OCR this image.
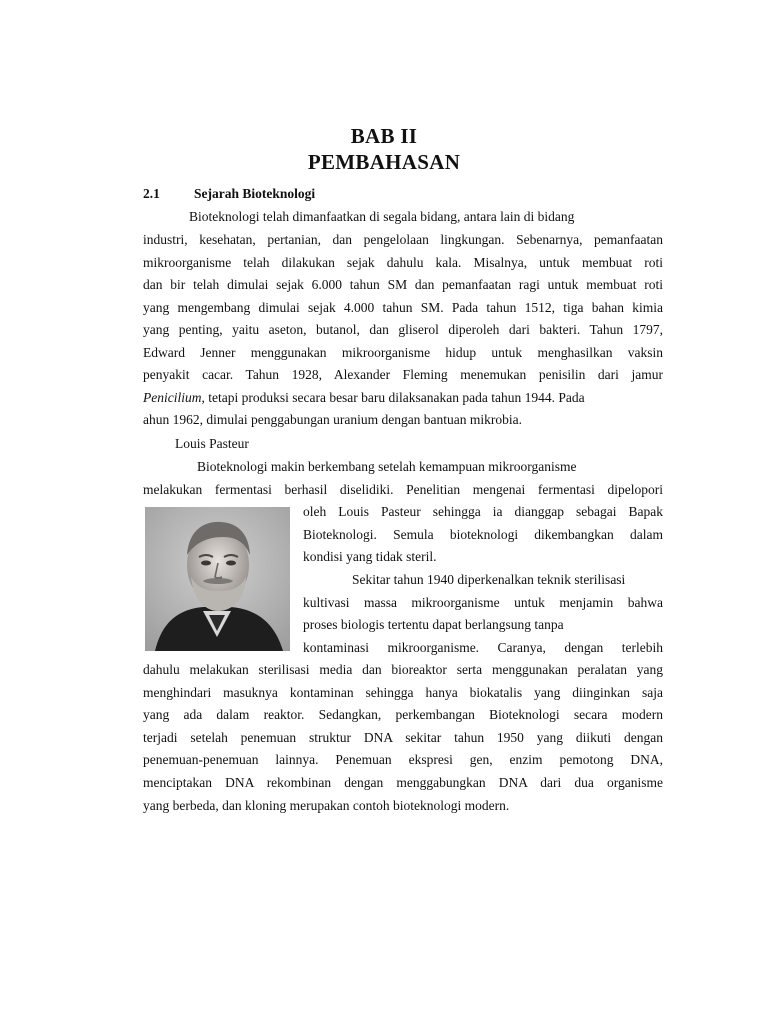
BAB II
PEMBAHASAN
2.1	Sejarah Bioteknologi
Bioteknologi telah dimanfaatkan di segala bidang, antara lain di bidang
industri, kesehatan, pertanian, dan pengelolaan lingkungan. Sebenarnya, pemanfaatan
mikroorganisme telah dilakukan sejak dahulu kala. Misalnya, untuk membuat roti
dan bir telah dimulai sejak 6.000 tahun SM dan pemanfaatan ragi untuk membuat roti
yang mengembang dimulai sejak 4.000 tahun SM. Pada tahun 1512, tiga bahan kimia
yang penting, yaitu aseton, butanol, dan gliserol diperoleh dari bakteri. Tahun 1797,
Edward Jenner menggunakan mikroorganisme hidup untuk menghasilkan vaksin
penyakit cacar. Tahun 1928, Alexander Fleming menemukan penisilin dari jamur
Penicilium, tetapi produksi secara besar baru dilaksanakan pada tahun 1944. Pada
ahun 1962, dimulai penggabungan uranium dengan bantuan mikrobia.
Louis Pasteur
Bioteknologi makin berkembang setelah kemampuan mikroorganisme
melakukan fermentasi berhasil diselidiki. Penelitian mengenai fermentasi dipelopori
oleh Louis Pasteur sehingga ia dianggap sebagai Bapak
Bioteknologi. Semula bioteknologi dikembangkan dalam
kondisi yang tidak steril.
Sekitar tahun 1940 diperkenalkan teknik sterilisasi
kultivasi massa mikroorganisme untuk menjamin bahwa
proses biologis tertentu dapat berlangsung tanpa
kontaminasi mikroorganisme. Caranya, dengan terlebih
dahulu melakukan sterilisasi media dan bioreaktor serta menggunakan peralatan yang
menghindari masuknya kontaminan sehingga hanya biokatalis yang diinginkan saja
yang ada dalam reaktor. Sedangkan, perkembangan Bioteknologi secara modern
terjadi setelah penemuan struktur DNA sekitar tahun 1950 yang diikuti dengan
penemuan-penemuan lainnya. Penemuan ekspresi gen, enzim pemotong DNA,
menciptakan DNA rekombinan dengan menggabungkan DNA dari dua organisme
yang berbeda, dan kloning merupakan contoh bioteknologi modern.
